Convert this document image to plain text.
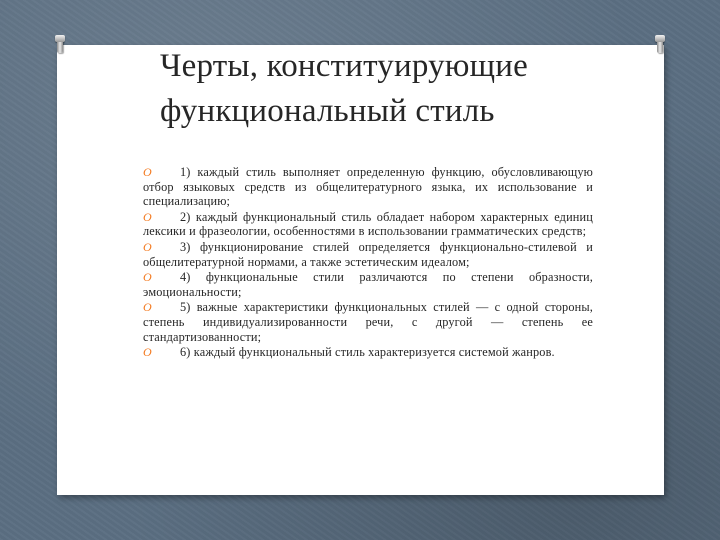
Черты, конституирующие функциональный стиль
O 1) каждый стиль выполняет определенную функцию, обусловливающую отбор языковых средств из общелитературного языка, их использование и специализацию;
O 2) каждый функциональный стиль обладает набором характерных единиц лексики и фразеологии, особенностями в использовании грамматических средств;
O 3) функционирование стилей определяется функционально-стилевой и общелитературной нормами, а также эстетическим идеалом;
O 4) функциональные стили различаются по степени образности, эмоциональности;
O 5) важные характеристики функциональных стилей — с одной стороны, степень индивидуализированности речи, с другой — степень ее стандартизованности;
O 6) каждый функциональный стиль характеризуется системой жанров.
